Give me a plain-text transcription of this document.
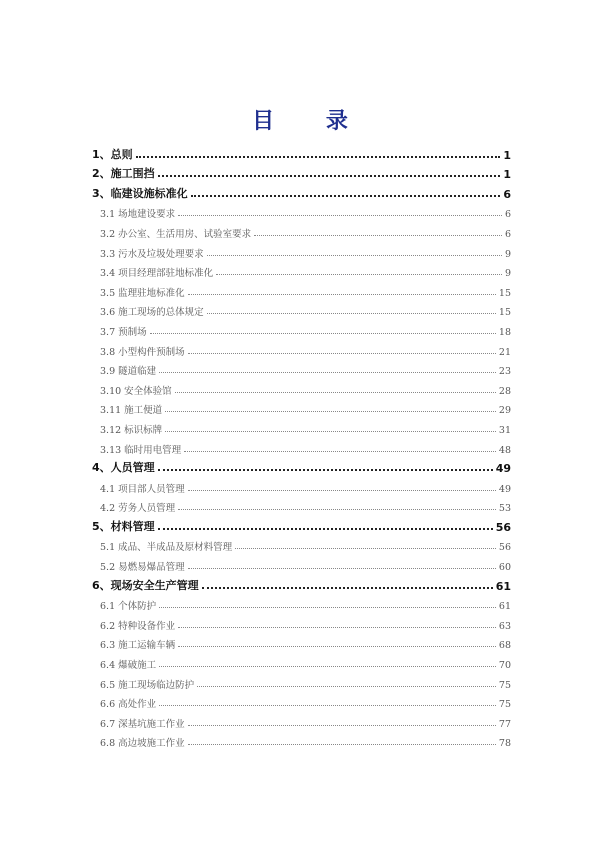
目 录
1、总则	1
2、施工围挡	1
3、临建设施标准化	6
3.1 场地建设要求	6
3.2 办公室、生活用房、试验室要求	6
3.3 污水及垃圾处理要求	9
3.4 项目经理部驻地标准化	9
3.5 监理驻地标准化	15
3.6 施工现场的总体规定	15
3.7 预制场	18
3.8 小型构件预制场	21
3.9 隧道临建	23
3.10 安全体验馆	28
3.11 施工便道	29
3.12 标识标牌	31
3.13 临时用电管理	48
4、人员管理	49
4.1 项目部人员管理	49
4.2 劳务人员管理	53
5、材料管理	56
5.1 成品、半成品及原材料管理	56
5.2 易燃易爆品管理	60
6、现场安全生产管理	61
6.1 个体防护	61
6.2 特种设备作业	63
6.3 施工运输车辆	68
6.4 爆破施工	70
6.5 施工现场临边防护	75
6.6 高处作业	75
6.7 深基坑施工作业	77
6.8 高边坡施工作业	78
